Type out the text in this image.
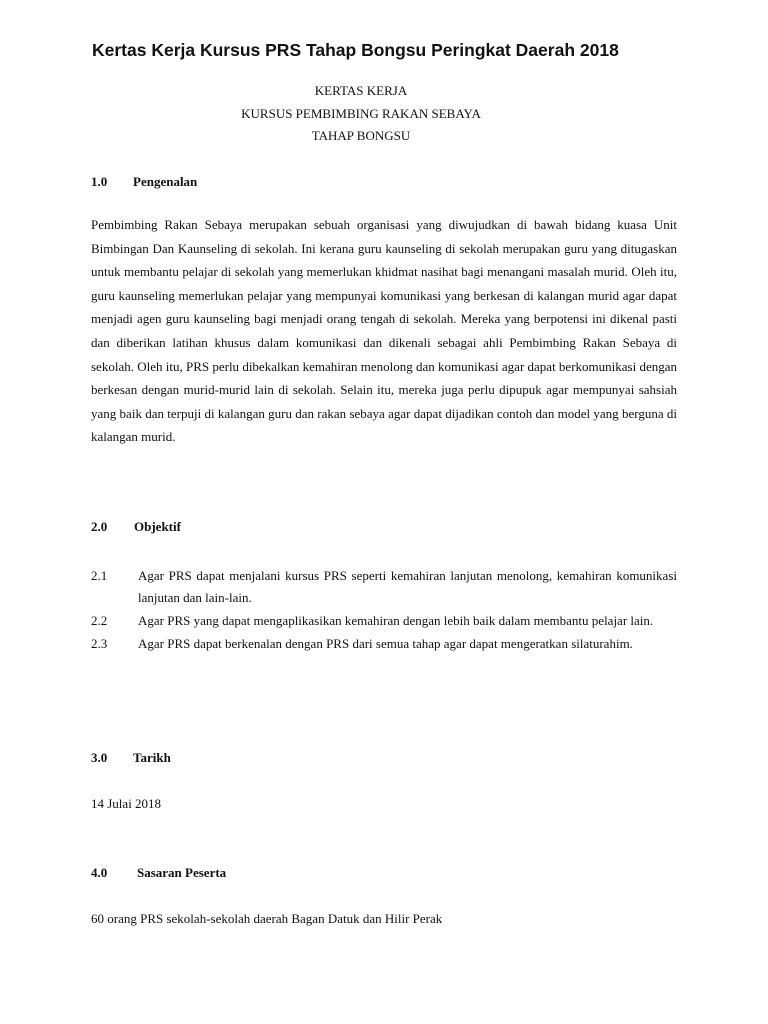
Kertas Kerja Kursus PRS Tahap Bongsu Peringkat Daerah 2018
KERTAS KERJA
KURSUS PEMBIMBING RAKAN SEBAYA
TAHAP BONGSU
1.0 Pengenalan
Pembimbing Rakan Sebaya merupakan sebuah organisasi yang diwujudkan di bawah bidang kuasa Unit Bimbingan Dan Kaunseling di sekolah. Ini kerana guru kaunseling di sekolah merupakan guru yang ditugaskan untuk membantu pelajar di sekolah yang memerlukan khidmat nasihat bagi menangani masalah murid. Oleh itu, guru kaunseling memerlukan pelajar yang mempunyai komunikasi yang berkesan di kalangan murid agar dapat menjadi agen guru kaunseling bagi menjadi orang tengah di sekolah. Mereka yang berpotensi ini dikenal pasti dan diberikan latihan khusus dalam komunikasi dan dikenali sebagai ahli Pembimbing Rakan Sebaya di sekolah. Oleh itu, PRS perlu dibekalkan kemahiran menolong dan komunikasi agar dapat berkomunikasi dengan berkesan dengan murid-murid lain di sekolah. Selain itu, mereka juga perlu dipupuk agar mempunyai sahsiah yang baik dan terpuji di kalangan guru dan rakan sebaya agar dapat dijadikan contoh dan model yang berguna di kalangan murid.
2.0 Objektif
2.1	Agar PRS dapat menjalani kursus PRS seperti kemahiran lanjutan menolong, kemahiran komunikasi lanjutan dan lain-lain.
2.2	Agar PRS yang dapat mengaplikasikan kemahiran dengan lebih baik dalam membantu pelajar lain.
2.3	Agar PRS dapat berkenalan dengan PRS dari semua tahap agar dapat mengeratkan silaturahim.
3.0 Tarikh
14 Julai 2018
4.0 Sasaran Peserta
60 orang PRS sekolah-sekolah daerah Bagan Datuk dan Hilir Perak
